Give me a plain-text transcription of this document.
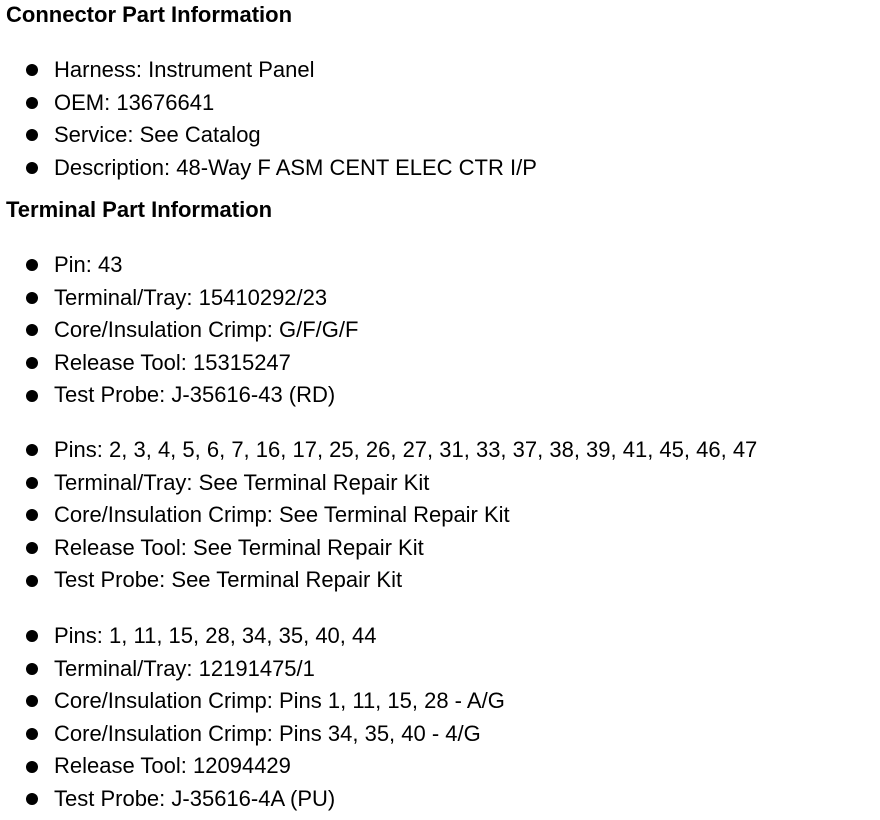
Connector Part Information
Harness: Instrument Panel
OEM: 13676641
Service: See Catalog
Description: 48-Way F ASM CENT ELEC CTR I/P
Terminal Part Information
Pin: 43
Terminal/Tray: 15410292/23
Core/Insulation Crimp: G/F/G/F
Release Tool: 15315247
Test Probe: J-35616-43 (RD)
Pins: 2, 3, 4, 5, 6, 7, 16, 17, 25, 26, 27, 31, 33, 37, 38, 39, 41, 45, 46, 47
Terminal/Tray: See Terminal Repair Kit
Core/Insulation Crimp: See Terminal Repair Kit
Release Tool: See Terminal Repair Kit
Test Probe: See Terminal Repair Kit
Pins: 1, 11, 15, 28, 34, 35, 40, 44
Terminal/Tray: 12191475/1
Core/Insulation Crimp: Pins 1, 11, 15, 28 - A/G
Core/Insulation Crimp: Pins 34, 35, 40 - 4/G
Release Tool: 12094429
Test Probe: J-35616-4A (PU)
